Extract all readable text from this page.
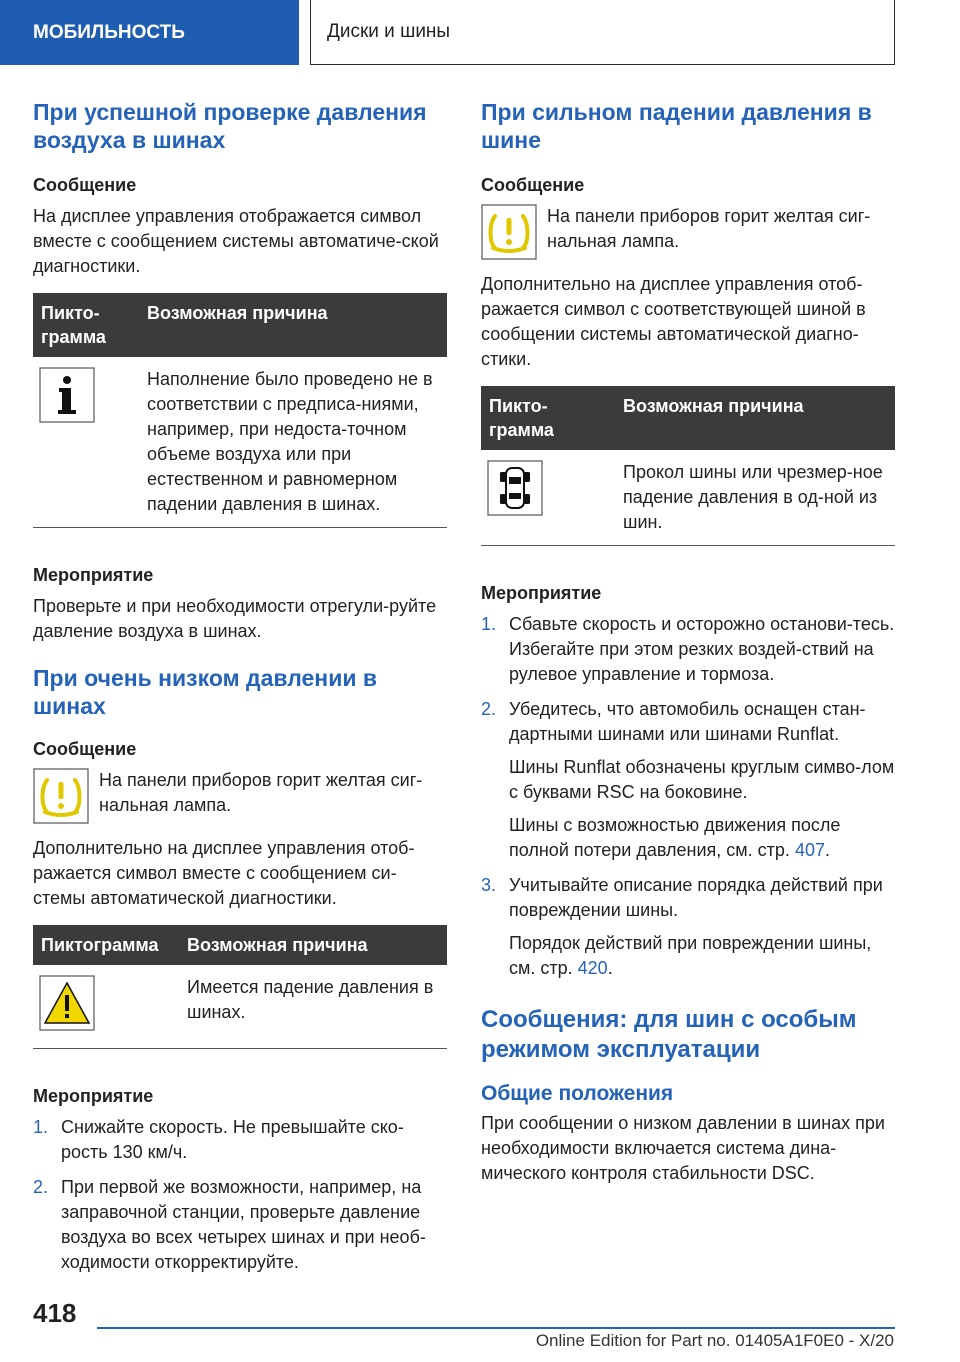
МОБИЛЬНОСТЬ	Диски и шины
При успешной проверке давления воздуха в шинах
Сообщение

На дисплее управления отображается символ вместе с сообщением системы автоматиче-ской диагностики.

Пикто-грамма	Возможная причина
	Наполнение было проведено не в соответствии с предписа-ниями, например, при недоста-точном объеме воздуха или при естественном и равномерном падении давления в шинах.
Мероприятие

Проверьте и при необходимости отрегули-руйте давление воздуха в шинах.

При очень низком давлении в шинах
Сообщение

На панели приборов горит желтая сиг-нальная лампа.

Дополнительно на дисплее управления отоб-ражается символ вместе с сообщением си-стемы автоматической диагностики.

Пиктограмма	Возможная причина
	Имеется падение давления в шинах.
Мероприятие
1. Снижайте скорость. Не превышайте ско-рость 130 км/ч.
2. При первой же возможности, например, на заправочной станции, проверьте давление воздуха во всех четырех шинах и при необ-ходимости откорректируйте.
При сильном падении давления в шине
Сообщение

На панели приборов горит желтая сиг-нальная лампа.

Дополнительно на дисплее управления отоб-ражается символ с соответствующей шиной в сообщении системы автоматической диагно-стики.

Пикто-грамма	Возможная причина
	Прокол шины или чрезмер-ное падение давления в од-ной из шин.
Мероприятие
1. Сбавьте скорость и осторожно останови-тесь. Избегайте при этом резких воздей-ствий на рулевое управление и тормоза.
2. Убедитесь, что автомобиль оснащен стан-дартными шинами или шинами Runflat.
Шины Runflat обозначены круглым симво-лом с буквами RSC на боковине.
Шины с возможностью движения после полной потери давления, см. стр. 407.
3. Учитывайте описание порядка действий при повреждении шины.
Порядок действий при повреждении шины, см. стр. 420.
Сообщения: для шин с особым режимом эксплуатации
Общие положения

При сообщении о низком давлении в шинах при необходимости включается система дина-мического контроля стабильности DSC.

418
Online Edition for Part no. 01405A1F0E0 - X/20
